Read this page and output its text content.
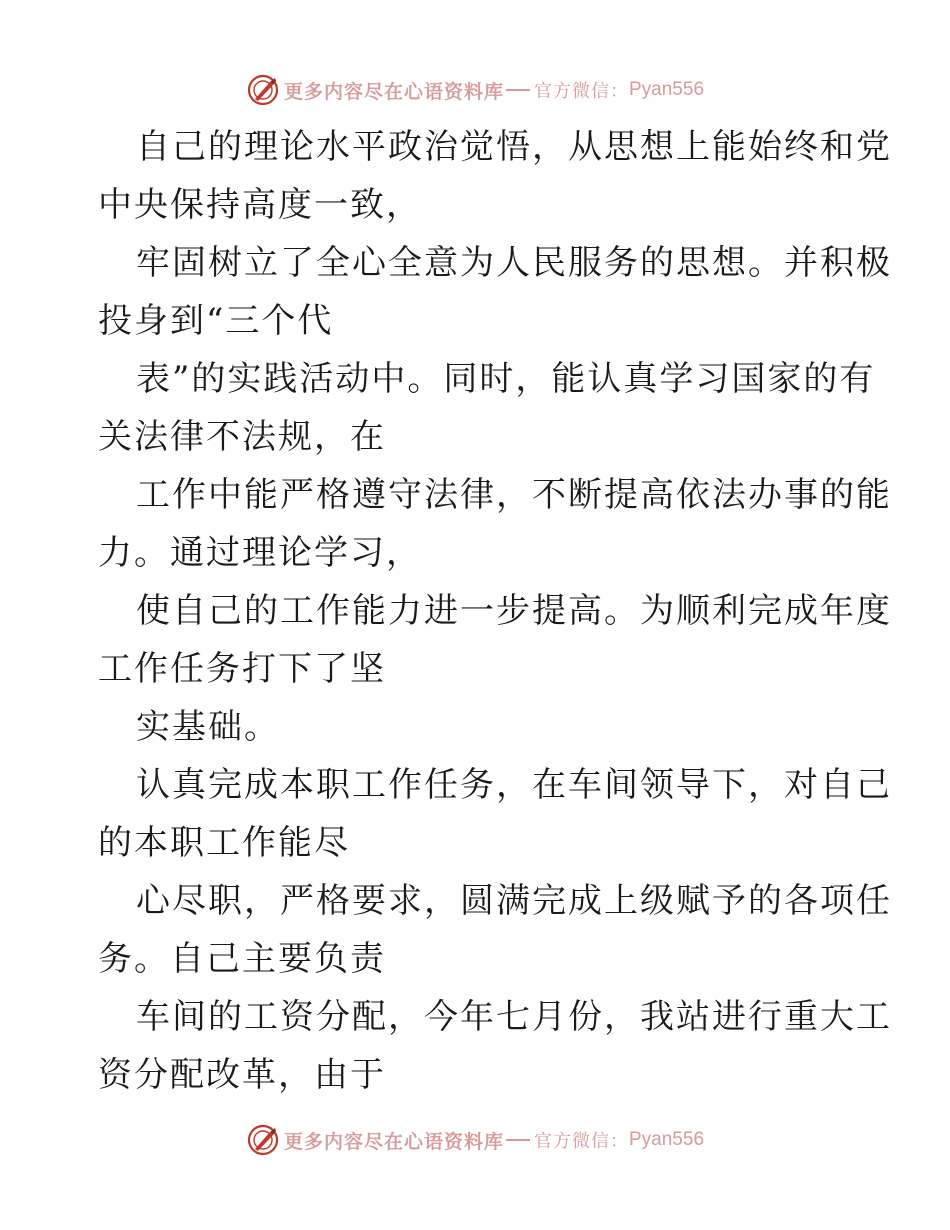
更多内容尽在心语资料库 官方微信： Pyan556
自己的理论水平政治觉悟，从思想上能始终和党
中央保持高度一致，
牢固树立了全心全意为人民服务的思想。并积极
投身到“三个代
表”的实践活动中。同时，能认真学习国家的有
关法律不法规，在
工作中能严格遵守法律，不断提高依法办事的能
力。通过理论学习，
使自己的工作能力进一步提高。为顺利完成年度
工作任务打下了坚
实基础。
认真完成本职工作任务，在车间领导下，对自己
的本职工作能尽
心尽职，严格要求，圆满完成上级赋予的各项任
务。自己主要负责
车间的工资分配，今年七月份，我站进行重大工
资分配改革，由于
更多内容尽在心语资料库 官方微信： Pyan556
